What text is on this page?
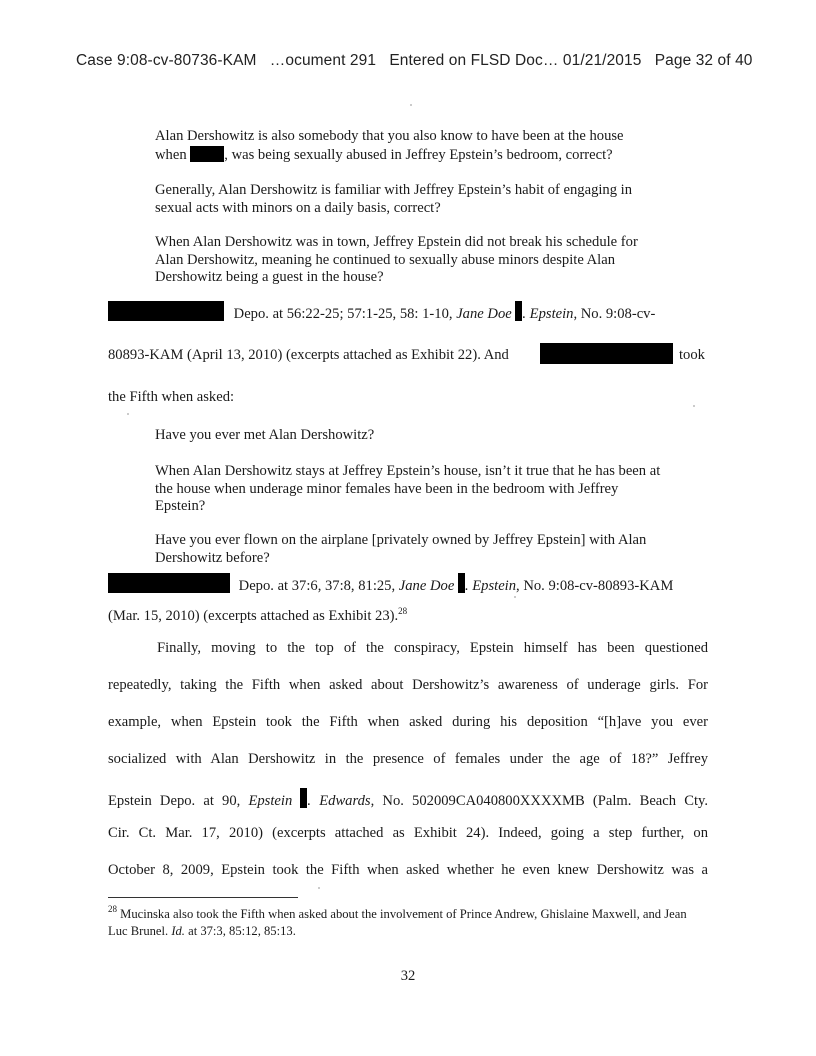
Case 9:08-cv-80736-KAM …ocument 291 Entered on FLSD Doc… 01/21/2015 Page 32 of 40
Alan Dershowitz is also somebody that you also know to have been at the house
when	, was being sexually abused in Jeffrey Epstein’s bedroom, correct?
Generally, Alan Dershowitz is familiar with Jeffrey Epstein’s habit of engaging in sexual acts with minors on a daily basis, correct?
When Alan Dershowitz was in town, Jeffrey Epstein did not break his schedule for Alan Dershowitz, meaning he continued to sexually abuse minors despite Alan Dershowitz being a guest in the house?
Depo. at 56:22-25; 57:1-25, 58: 1-10, Jane Doe . Epstein, No. 9:08-cv-
80893-KAM (April 13, 2010) (excerpts attached as Exhibit 22). And	took
the Fifth when asked:
Have you ever met Alan Dershowitz?
When Alan Dershowitz stays at Jeffrey Epstein’s house, isn’t it true that he has been at the house when underage minor females have been in the bedroom with Jeffrey Epstein?
Have you ever flown on the airplane [privately owned by Jeffrey Epstein] with Alan Dershowitz before?
Depo. at 37:6, 37:8, 81:25, Jane Doe . Epstein, No. 9:08-cv-80893-KAM
(Mar. 15, 2010) (excerpts attached as Exhibit 23).$^{28}$
Finally, moving to the top of the conspiracy, Epstein himself has been questioned
repeatedly, taking the Fifth when asked about Dershowitz’s awareness of underage girls. For
example, when Epstein took the Fifth when asked during his deposition “[h]ave you ever
socialized with Alan Dershowitz in the presence of females under the age of 18?” Jeffrey
Epstein Depo. at 90, Epstein . Edwards, No. 502009CA040800XXXXMB (Palm. Beach Cty.
Cir. Ct. Mar. 17, 2010) (excerpts attached as Exhibit 24). Indeed, going a step further, on
October 8, 2009, Epstein took the Fifth when asked whether he even knew Dershowitz was a
$^{28}$ Mucinska also took the Fifth when asked about the involvement of Prince Andrew, Ghislaine Maxwell, and Jean Luc Brunel. Id. at 37:3, 85:12, 85:13.
32
